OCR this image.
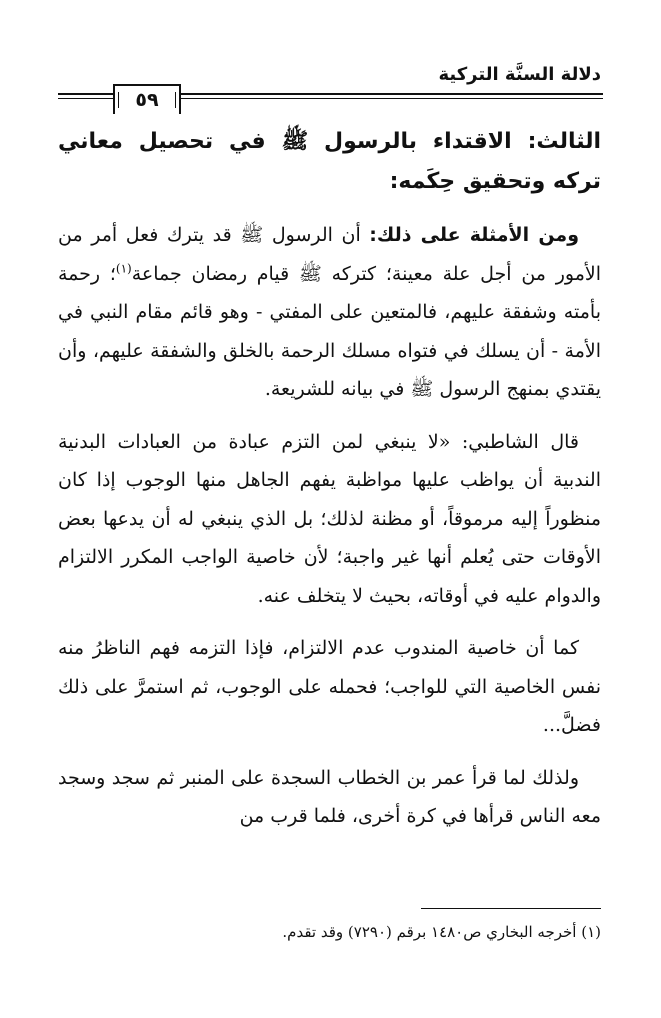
دلالة السنَّة التركية
٥٩
الثالث: الاقتداء بالرسول ﷺ في تحصيل معاني تركه وتحقيق حِكَمه:

ومن الأمثلة على ذلك: أن الرسول ﷺ قد يترك فعل أمر من الأمور من أجل علة معينة؛ كتركه ﷺ قيام رمضان جماعة$^{(١)}$؛ رحمة بأمته وشفقة عليهم، فالمتعين على المفتي - وهو قائم مقام النبي في الأمة - أن يسلك في فتواه مسلك الرحمة بالخلق والشفقة عليهم، وأن يقتدي بمنهج الرسول ﷺ في بيانه للشريعة.

قال الشاطبي: «لا ينبغي لمن التزم عبادة من العبادات البدنية الندبية أن يواظب عليها مواظبة يفهم الجاهل منها الوجوب إذا كان منظوراً إليه مرموقاً، أو مظنة لذلك؛ بل الذي ينبغي له أن يدعها بعض الأوقات حتى يُعلم أنها غير واجبة؛ لأن خاصية الواجب المكرر الالتزام والدوام عليه في أوقاته، بحيث لا يتخلف عنه.

كما أن خاصية المندوب عدم الالتزام، فإذا التزمه فهم الناظرُ منه نفس الخاصية التي للواجب؛ فحمله على الوجوب، ثم استمرَّ على ذلك فضلَّ...

ولذلك لما قرأ عمر بن الخطاب السجدة على المنبر ثم سجد وسجد معه الناس قرأها في كرة أخرى، فلما قرب من

(١) أخرجه البخاري ص١٤٨٠ برقم (٧٢٩٠) وقد تقدم.
